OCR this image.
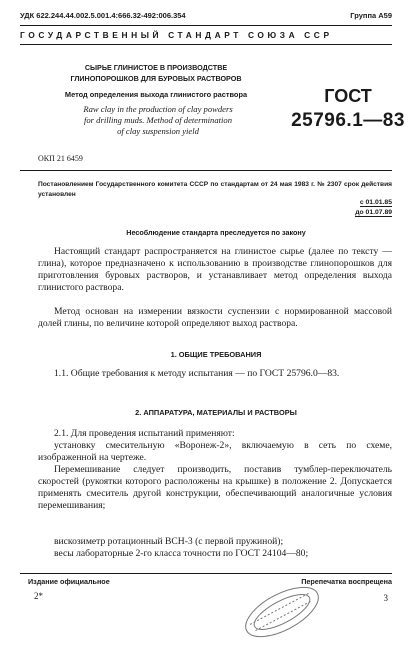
УДК 622.244.44.002.5.001.4:666.32-492:006.354	Группа А59
ГОСУДАРСТВЕННЫЙ СТАНДАРТ СОЮЗА ССР
СЫРЬЕ ГЛИНИСТОЕ В ПРОИЗВОДСТВЕ
ГЛИНОПОРОШКОВ ДЛЯ БУРОВЫХ РАСТВОРОВ
Метод определения выхода глинистого раствора
Raw clay in the production of clay powders
for drilling muds. Method of determination
of clay suspension yield
ГОСТ
25796.1—83
ОКП 21 6459
Постановлением Государственного комитета СССР по стандартам от 24 мая 1983 г. № 2307 срок действия установлен
с 01.01.85
до 01.07.89
Несоблюдение стандарта преследуется по закону
Настоящий стандарт распространяется на глинистое сырье (далее по тексту — глина), которое предназначено к использованию в производстве глинопорошков для приготовления буровых растворов, и устанавливает метод определения выхода глинистого раствора.
Метод основан на измерении вязкости суспензии с нормированной массовой долей глины, по величине которой определяют выход раствора.
1. ОБЩИЕ ТРЕБОВАНИЯ
1.1. Общие требования к методу испытания — по ГОСТ 25796.0—83.
2. АППАРАТУРА, МАТЕРИАЛЫ И РАСТВОРЫ
2.1. Для проведения испытаний применяют:
установку смесительную «Воронеж-2», включаемую в сеть по схеме, изображенной на чертеже.
Перемешивание следует производить, поставив тумблер-переключатель скоростей (рукоятки которого расположены на крышке) в положение 2. Допускается применять смеситель другой конструкции, обеспечивающий аналогичные условия перемешивания;
вискозиметр ротационный ВСН-3 (с первой пружиной);
весы лабораторные 2-го класса точности по ГОСТ 24104—80;
Издание официальное	Перепечатка воспрещена
2*	3
